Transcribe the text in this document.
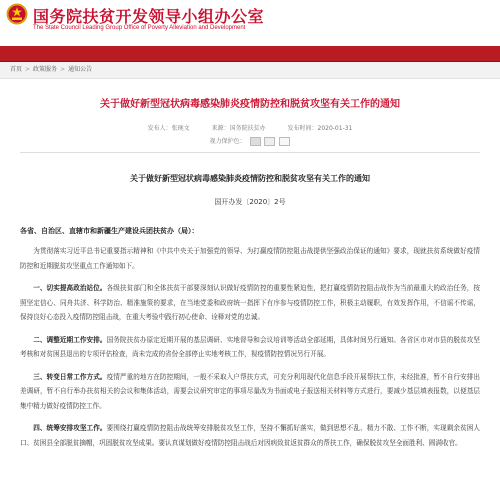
国务院扶贫开发领导小组办公室
The State Council Leading Group Office of Poverty Alleviation and Development
首页 > 政策服务 > 通知公告
关于做好新型冠状病毒感染肺炎疫情防控和脱贫攻坚有关工作的通知
发布人：张琬文	来源：国务院扶贫办	发布时间：2020-01-31
视力保护色：
关于做好新型冠状病毒感染肺炎疫情防控和脱贫攻坚有关工作的通知
国开办发〔2020〕2号
各省、自治区、直辖市和新疆生产建设兵团扶贫办（局）：
为贯彻落实习近平总书记重要指示精神和《中共中央关于加强党的领导、为打赢疫情防控阻击战提供坚强政治保证的通知》要求，现就扶贫系统做好疫情防控和近期脱贫攻坚重点工作通知如下。
一、切实提高政治站位。各级扶贫部门和全体扶贫干部要深刻认识做好疫情防控的重要性紧迫性，把打赢疫情防控阻击战作为当前最重大的政治任务，按照坚定信心、同舟共济、科学防治、精准施策的要求，在当地党委和政府统一指挥下有序参与疫情防控工作，积极主动履职，有效发挥作用，不信谣不传谣，保持良好心态投入疫情防控阻击战，在重大考验中践行初心使命、诠释对党的忠诚。
二、调整近期工作安排。国务院扶贫办原定近期开展的基层调研、实地督导和会议培训等活动全部延期，具体时间另行通知。各省区市对市县的脱贫攻坚考核和对贫困县退出的专项评估检查，尚未完成的省份全部停止实地考核工作，视疫情防控情况另行开展。
三、转变日常工作方式。疫情严重的地方在防控期间，一般不采取入户帮扶方式，可充分利用现代化信息手段开展帮扶工作，未经批准，暂不自行安排出差调研，暂不自行举办扶贫相关的会议和集体活动，需要会议研究审定的事项尽量改为书面或电子报送相关材料等方式进行，要减少基层填表报数，以便基层集中精力做好疫情防控工作。
四、统筹安排攻坚工作。要围绕打赢疫情防控阻击战统筹安排脱贫攻坚工作，坚持不懈抓好落实，做到思想不乱、精力不散、工作不断，实现剩余贫困人口、贫困县全部脱贫摘帽，巩固脱贫攻坚成果。要认真谋划做好疫情防控阻击战后对因病致贫返贫群众的帮扶工作，确保脱贫攻坚全面胜利、圆满收官。
